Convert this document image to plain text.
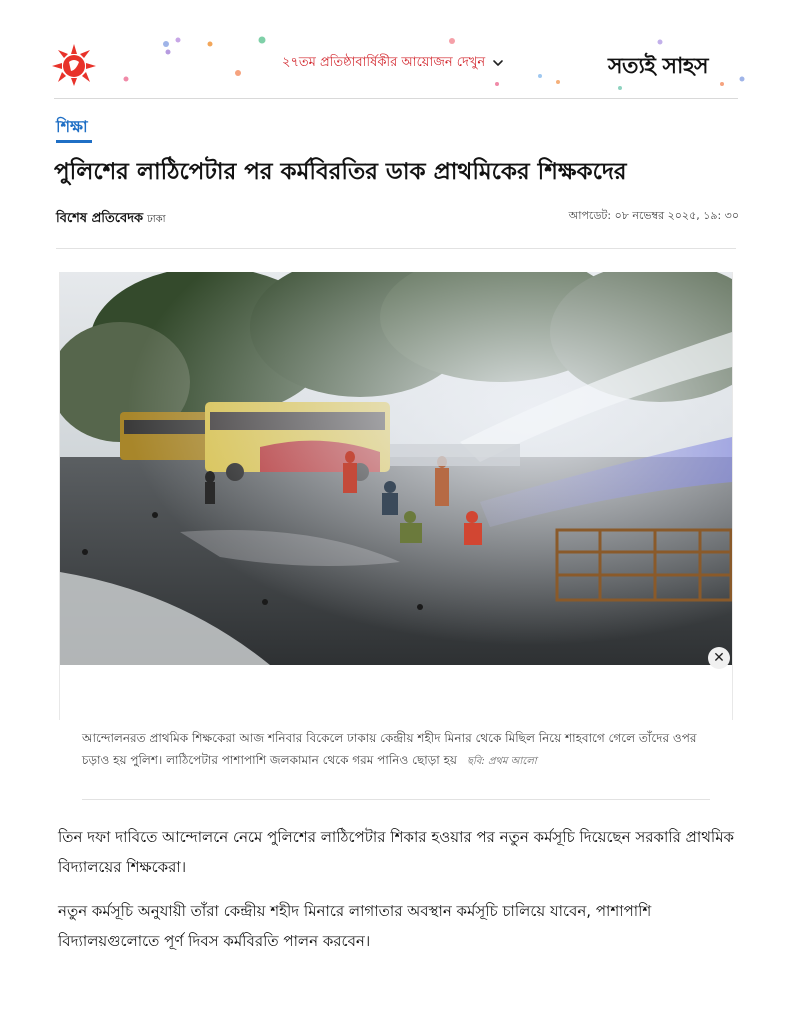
২৭তম প্রতিষ্ঠাবার্ষিকীর আয়োজন দেখুন	সত্যই সাহস
শিক্ষা
পুলিশের লাঠিপেটার পর কর্মবিরতির ডাক প্রাথমিকের শিক্ষকদের
বিশেষ প্রতিবেদক ঢাকা	আপডেট: ০৮ নভেম্বর ২০২৫, ১৯: ৩০
✕

আন্দোলনরত প্রাথমিক শিক্ষকেরা আজ শনিবার বিকেলে ঢাকায় কেন্দ্রীয় শহীদ মিনার থেকে মিছিল নিয়ে শাহবাগে গেলে তাঁদের ওপর চড়াও হয় পুলিশ। লাঠিপেটার পাশাপাশি জলকামান থেকে গরম পানিও ছোড়া হয় ছবি: প্রথম আলো

তিন দফা দাবিতে আন্দোলনে নেমে পুলিশের লাঠিপেটার শিকার হওয়ার পর নতুন কর্মসূচি দিয়েছেন সরকারি প্রাথমিক বিদ্যালয়ের শিক্ষকেরা।

নতুন কর্মসূচি অনুযায়ী তাঁরা কেন্দ্রীয় শহীদ মিনারে লাগাতার অবস্থান কর্মসূচি চালিয়ে যাবেন, পাশাপাশি বিদ্যালয়গুলোতে পূর্ণ দিবস কর্মবিরতি পালন করবেন।
